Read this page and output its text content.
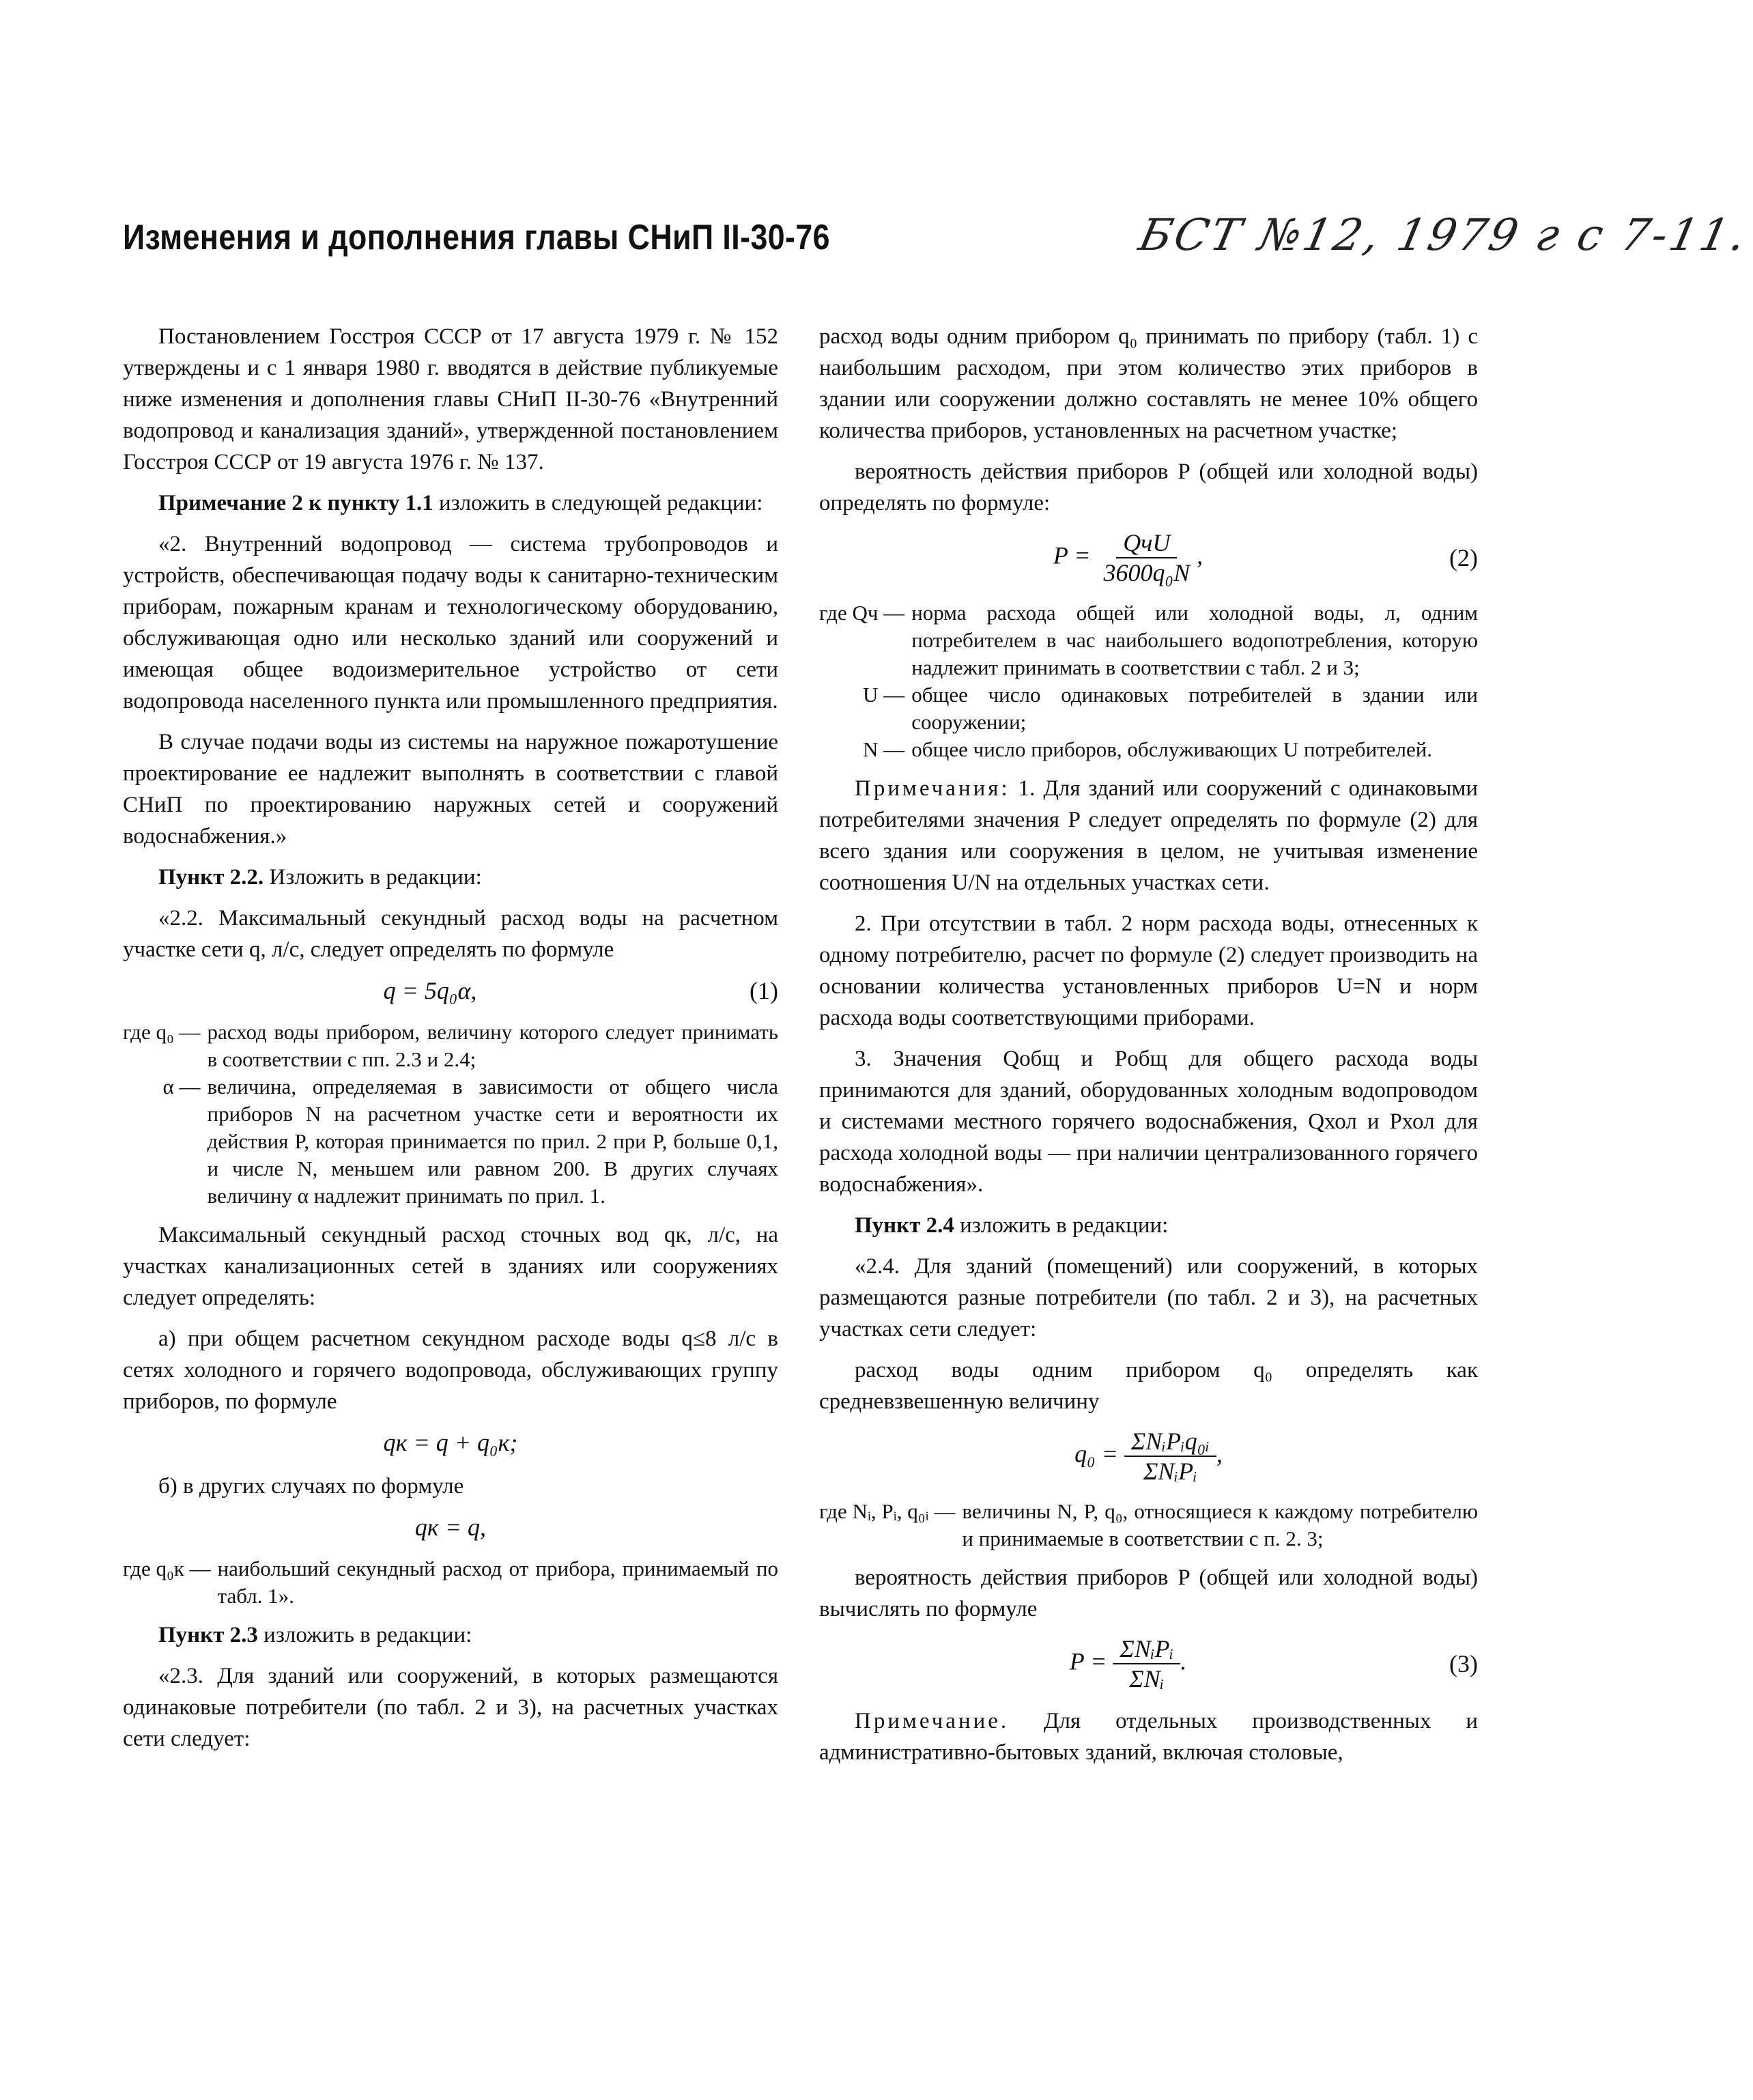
Изменения и дополнения главы СНиП II-30-76	БСТ №12, 1979 г с 7-11.

Постановлением Госстроя СССР от 17 августа 1979 г. № 152 утверждены и с 1 января 1980 г. вводятся в действие публикуемые ниже изменения и дополнения главы СНиП II-30-76 «Внутренний водопровод и канализация зданий», утвержденной постановлением Госстроя СССР от 19 августа 1976 г. № 137.

Примечание 2 к пункту 1.1 изложить в следующей редакции:

«2. Внутренний водопровод — система трубопроводов и устройств, обеспечивающая подачу воды к санитарно-техническим приборам, пожарным кранам и технологическому оборудованию, обслуживающая одно или несколько зданий или сооружений и имеющая общее водоизмерительное устройство от сети водопровода населенного пункта или промышленного предприятия.

В случае подачи воды из системы на наружное пожаротушение проектирование ее надлежит выполнять в соответствии с главой СНиП по проектированию наружных сетей и сооружений водоснабжения.»

Пункт 2.2. Изложить в редакции:

«2.2. Максимальный секундный расход воды на расчетном участке сети q, л/с, следует определять по формуле

q = 5q₀α,	(1)
где q₀ — расход воды прибором, величину которого следует принимать в соответствии с пп. 2.3 и 2.4;
α — величина, определяемая в зависимости от общего числа приборов N на расчетном участке сети и вероятности их действия P, которая принимается по прил. 2 при P, больше 0,1, и числе N, меньшем или равном 200. В других случаях величину α надлежит принимать по прил. 1.

Максимальный секундный расход сточных вод qк, л/с, на участках канализационных сетей в зданиях или сооружениях следует определять:

а) при общем расчетном секундном расходе воды q≤8 л/с в сетях холодного и горячего водопровода, обслуживающих группу приборов, по формуле

qк = q + q₀к;

б) в других случаях по формуле

qк = q,
где q₀к — наибольший секундный расход от прибора, принимаемый по табл. 1».

Пункт 2.3 изложить в редакции:

«2.3. Для зданий или сооружений, в которых размещаются одинаковые потребители (по табл. 2 и 3), на расчетных участках сети следует:

расход воды одним прибором q₀ принимать по прибору (табл. 1) с наибольшим расходом, при этом количество этих приборов в здании или сооружении должно составлять не менее 10% общего количества приборов, установленных на расчетном участке;

вероятность действия приборов P (общей или холодной воды) определять по формуле:

$P = \frac{\text{QчU}}{\text{3600q₀N}}$ ,	(2)
где Qч — норма расхода общей или холодной воды, л, одним потребителем в час наибольшего водопотребления, которую надлежит принимать в соответствии с табл. 2 и 3;
U — общее число одинаковых потребителей в здании или сооружении;
N — общее число приборов, обслуживающих U потребителей.

Примечания: 1. Для зданий или сооружений с одинаковыми потребителями значения P следует определять по формуле (2) для всего здания или сооружения в целом, не учитывая изменение соотношения U/N на отдельных участках сети.

2. При отсутствии в табл. 2 норм расхода воды, отнесенных к одному потребителю, расчет по формуле (2) следует производить на основании количества установленных приборов U=N и норм расхода воды соответствующими приборами.

3. Значения Qобщ и Pобщ для общего расхода воды принимаются для зданий, оборудованных холодным водопроводом и системами местного горячего водоснабжения, Qхол и Pхол для расхода холодной воды — при наличии централизованного горячего водоснабжения».

Пункт 2.4 изложить в редакции:

«2.4. Для зданий (помещений) или сооружений, в которых размещаются разные потребители (по табл. 2 и 3), на расчетных участках сети следует:

расход воды одним прибором q₀ определять как средневзвешенную величину

$q_0 = \frac{\text{ΣNᵢPᵢq₀ᵢ}}{\text{ΣNᵢPᵢ}}$ ,
где Nᵢ, Pᵢ, q₀ᵢ — величины N, P, q₀, относящиеся к каждому потребителю и принимаемые в соответствии с п. 2. 3;

вероятность действия приборов P (общей или холодной воды) вычислять по формуле

$P = \frac{\text{ΣNᵢPᵢ}}{\text{ΣNᵢ}}$ .	(3)

Примечание. Для отдельных производственных и административно-бытовых зданий, включая столовые,
